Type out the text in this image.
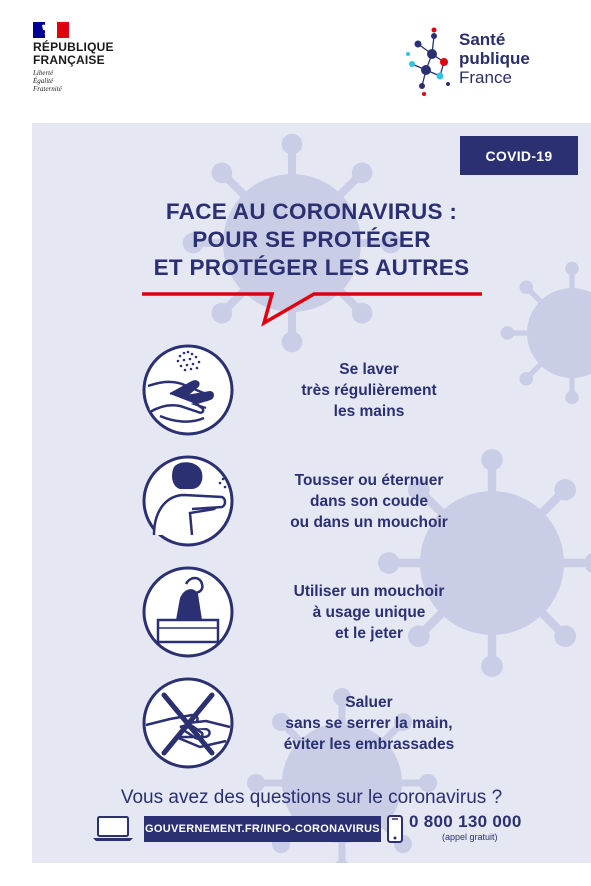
RÉPUBLIQUE
FRANÇAISE
Liberté
Égalité
Fraternité
Santé
publique
France
COVID-19
FACE AU CORONAVIRUS :
POUR SE PROTÉGER
ET PROTÉGER LES AUTRES
Se laver
très régulièrement
les mains
Tousser ou éternuer
dans son coude
ou dans un mouchoir
Utiliser un mouchoir
à usage unique
et le jeter
Saluer
sans se serrer la main,
éviter les embrassades
Vous avez des questions sur le coronavirus ?
GOUVERNEMENT.FR/INFO-CORONAVIRUS 0 800 130 000
(appel gratuit)
